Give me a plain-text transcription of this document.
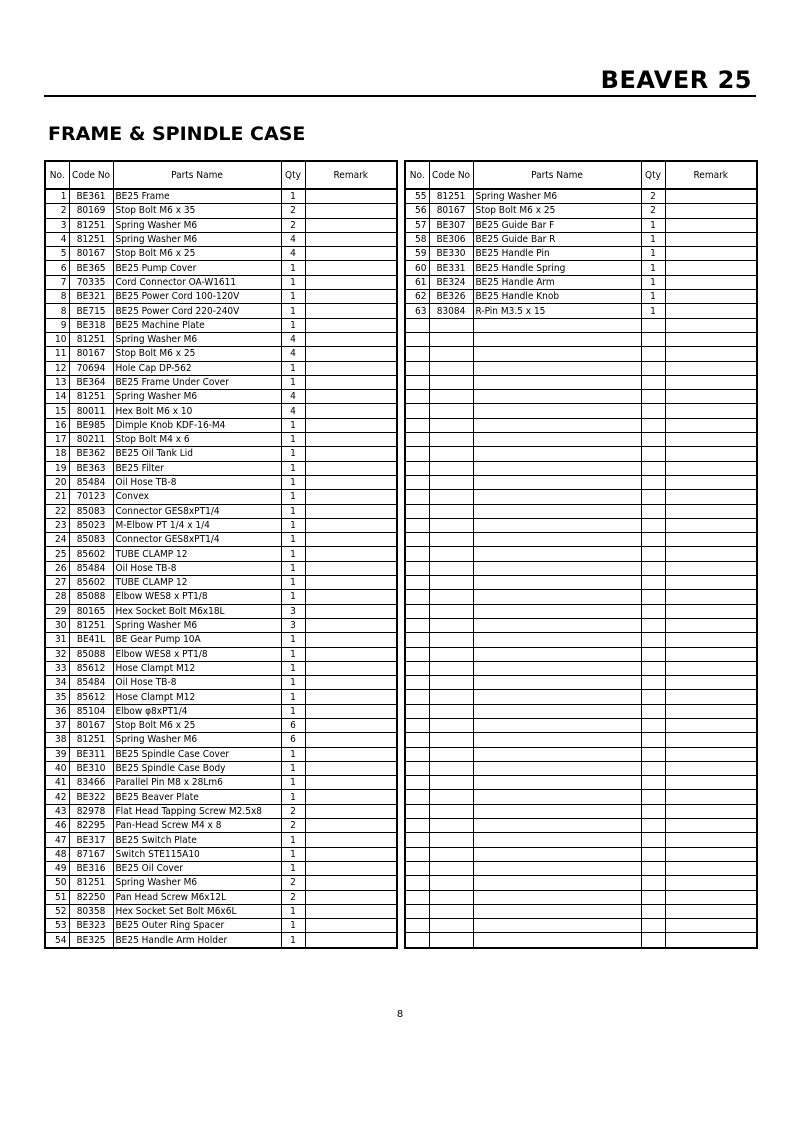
BEAVER 25
FRAME & SPINDLE CASE
No.	Code No	Parts Name	Qty	Remark
1	BE361	BE25 Frame	1	
2	80169	Stop Bolt M6 x 35	2	
3	81251	Spring Washer M6	2	
4	81251	Spring Washer M6	4	
5	80167	Stop Bolt M6 x 25	4	
6	BE365	BE25 Pump Cover	1	
7	70335	Cord Connector OA-W1611	1	
8	BE321	BE25 Power Cord 100-120V	1	
8	BE715	BE25 Power Cord 220-240V	1	
9	BE318	BE25 Machine Plate	1	
10	81251	Spring Washer M6	4	
11	80167	Stop Bolt M6 x 25	4	
12	70694	Hole Cap DP-562	1	
13	BE364	BE25 Frame Under Cover	1	
14	81251	Spring Washer M6	4	
15	80011	Hex Bolt M6 x 10	4	
16	BE985	Dimple Knob KDF-16-M4	1	
17	80211	Stop Bolt M4 x 6	1	
18	BE362	BE25 Oil Tank Lid	1	
19	BE363	BE25 Filter	1	
20	85484	Oil Hose TB-8	1	
21	70123	Convex	1	
22	85083	Connector GES8xPT1/4	1	
23	85023	M-Elbow PT 1/4 x 1/4	1	
24	85083	Connector GES8xPT1/4	1	
25	85602	TUBE CLAMP 12	1	
26	85484	Oil Hose TB-8	1	
27	85602	TUBE CLAMP 12	1	
28	85088	Elbow WES8 x PT1/8	1	
29	80165	Hex Socket Bolt M6x18L	3	
30	81251	Spring Washer M6	3	
31	BE41L	BE Gear Pump 10A	1	
32	85088	Elbow WES8 x PT1/8	1	
33	85612	Hose Clampt M12	1	
34	85484	Oil Hose TB-8	1	
35	85612	Hose Clampt M12	1	
36	85104	Elbow φ8xPT1/4	1	
37	80167	Stop Bolt M6 x 25	6	
38	81251	Spring Washer M6	6	
39	BE311	BE25 Spindle Case Cover	1	
40	BE310	BE25 Spindle Case Body	1	
41	83466	Parallel Pin M8 x 28Lm6	1	
42	BE322	BE25 Beaver Plate	1	
43	82978	Flat Head Tapping Screw M2.5x8	2	
46	82295	Pan-Head Screw M4 x 8	2	
47	BE317	BE25 Switch Plate	1	
48	87167	Switch STE115A10	1	
49	BE316	BE25 Oil Cover	1	
50	81251	Spring Washer M6	2	
51	82250	Pan Head Screw M6x12L	2	
52	80358	Hex Socket Set Bolt M6x6L	1	
53	BE323	BE25 Outer Ring Spacer	1	
54	BE325	BE25 Handle Arm Holder	1	
No.	Code No	Parts Name	Qty	Remark
55	81251	Spring Washer M6	2	
56	80167	Stop Bolt M6 x 25	2	
57	BE307	BE25 Guide Bar F	1	
58	BE306	BE25 Guide Bar R	1	
59	BE330	BE25 Handle Pin	1	
60	BE331	BE25 Handle Spring	1	
61	BE324	BE25 Handle Arm	1	
62	BE326	BE25 Handle Knob	1	
63	83084	R-Pin M3.5 x 15	1	

8
